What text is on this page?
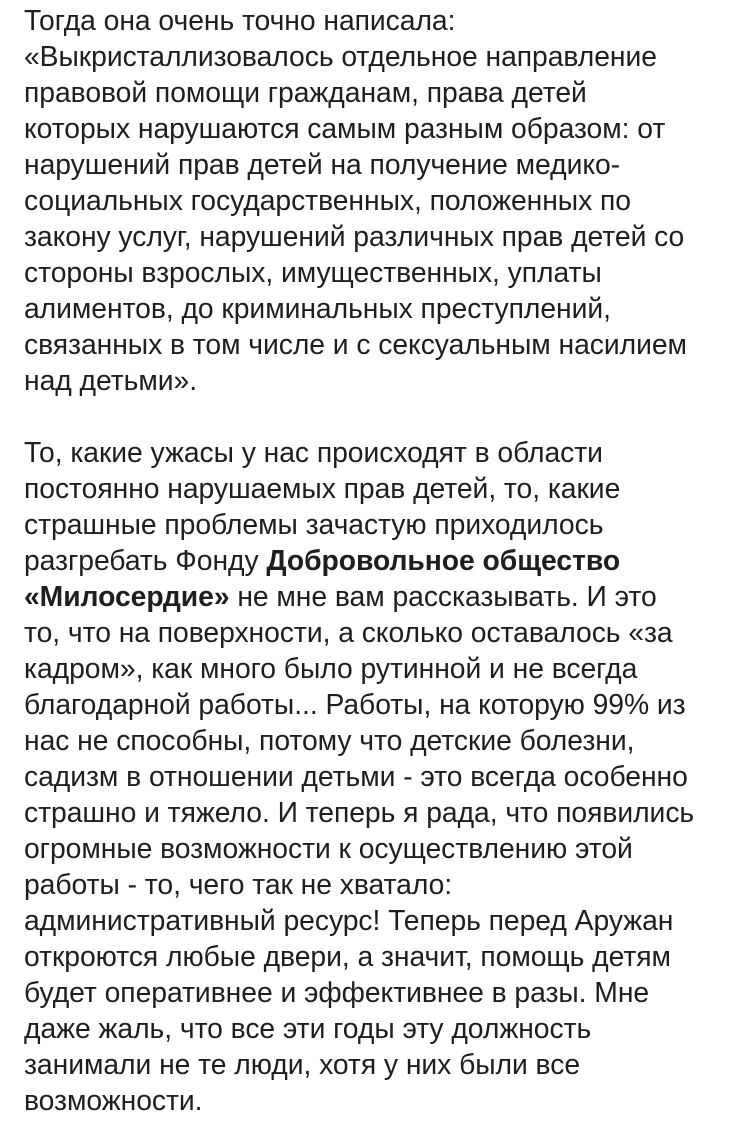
Тогда она очень точно написала:
«Выкристаллизовалось отдельное направление
правовой помощи гражданам, права детей
которых нарушаются самым разным образом: от
нарушений прав детей на получение медико-
социальных государственных, положенных по
закону услуг, нарушений различных прав детей со
стороны взрослых, имущественных, уплаты
алиментов, до криминальных преступлений,
связанных в том числе и с сексуальным насилием
над детьми».
То, какие ужасы у нас происходят в области
постоянно нарушаемых прав детей, то, какие
страшные проблемы зачастую приходилось
разгребать Фонду Добровольное общество
«Милосердие» не мне вам рассказывать. И это
то, что на поверхности, а сколько оставалось «за
кадром», как много было рутинной и не всегда
благодарной работы... Работы, на которую 99% из
нас не способны, потому что детские болезни,
садизм в отношении детьми - это всегда особенно
страшно и тяжело. И теперь я рада, что появились
огромные возможности к осуществлению этой
работы - то, чего так не хватало:
административный ресурс! Теперь перед Аружан
откроются любые двери, а значит, помощь детям
будет оперативнее и эффективнее в разы. Мне
даже жаль, что все эти годы эту должность
занимали не те люди, хотя у них были все
возможности.
